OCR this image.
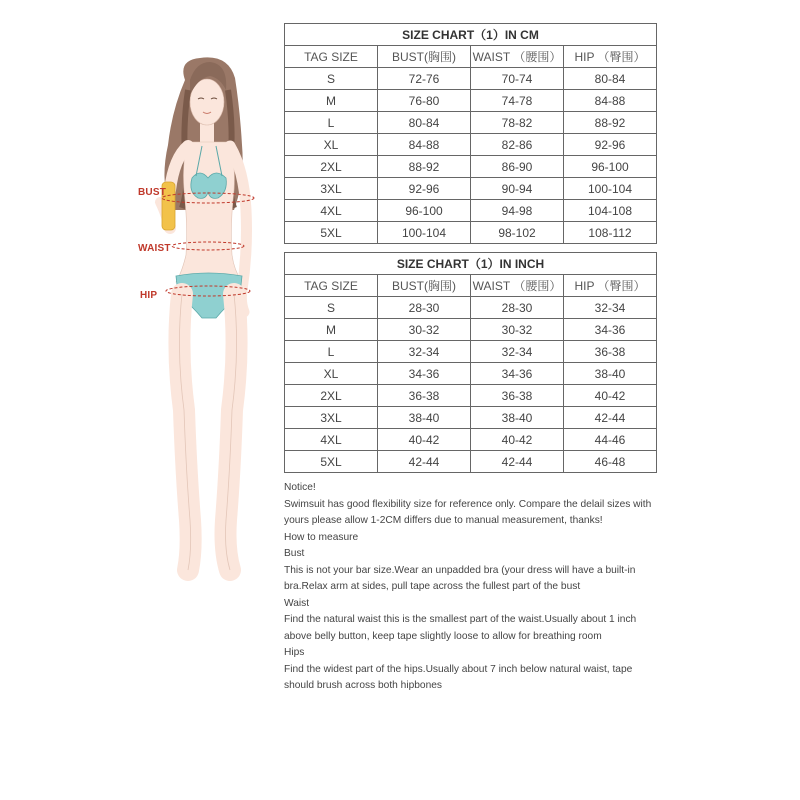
BUST
WAIST
HIP
SIZE CHART（1）IN CM			
TAG SIZE	BUST(胸围)	WAIST （腰围）	HIP （臀围）
S	72-76	70-74	80-84
M	76-80	74-78	84-88
L	80-84	78-82	88-92
XL	84-88	82-86	92-96
2XL	88-92	86-90	96-100
3XL	92-96	90-94	100-104
4XL	96-100	94-98	104-108
5XL	100-104	98-102	108-112
SIZE CHART（1）IN INCH			
TAG SIZE	BUST(胸围)	WAIST （腰围）	HIP （臀围）
S	28-30	28-30	32-34
M	30-32	30-32	34-36
L	32-34	32-34	36-38
XL	34-36	34-36	38-40
2XL	36-38	36-38	40-42
3XL	38-40	38-40	42-44
4XL	40-42	40-42	44-46
5XL	42-44	42-44	46-48
Notice!
Swimsuit has good flexibility size for reference only. Compare the delail sizes with
yours please allow 1-2CM differs due to manual measurement, thanks!
How to measure
Bust
This is not your bar size.Wear an unpadded bra (your dress will have a built-in
bra.Relax arm at sides, pull tape across the fullest part of the bust
Waist
Find the natural waist this is the smallest part of the waist.Usually about 1 inch
above belly button, keep tape slightly loose to allow for breathing room
Hips
Find the widest part of the hips.Usually about 7 inch below natural waist, tape
should brush across both hipbones
